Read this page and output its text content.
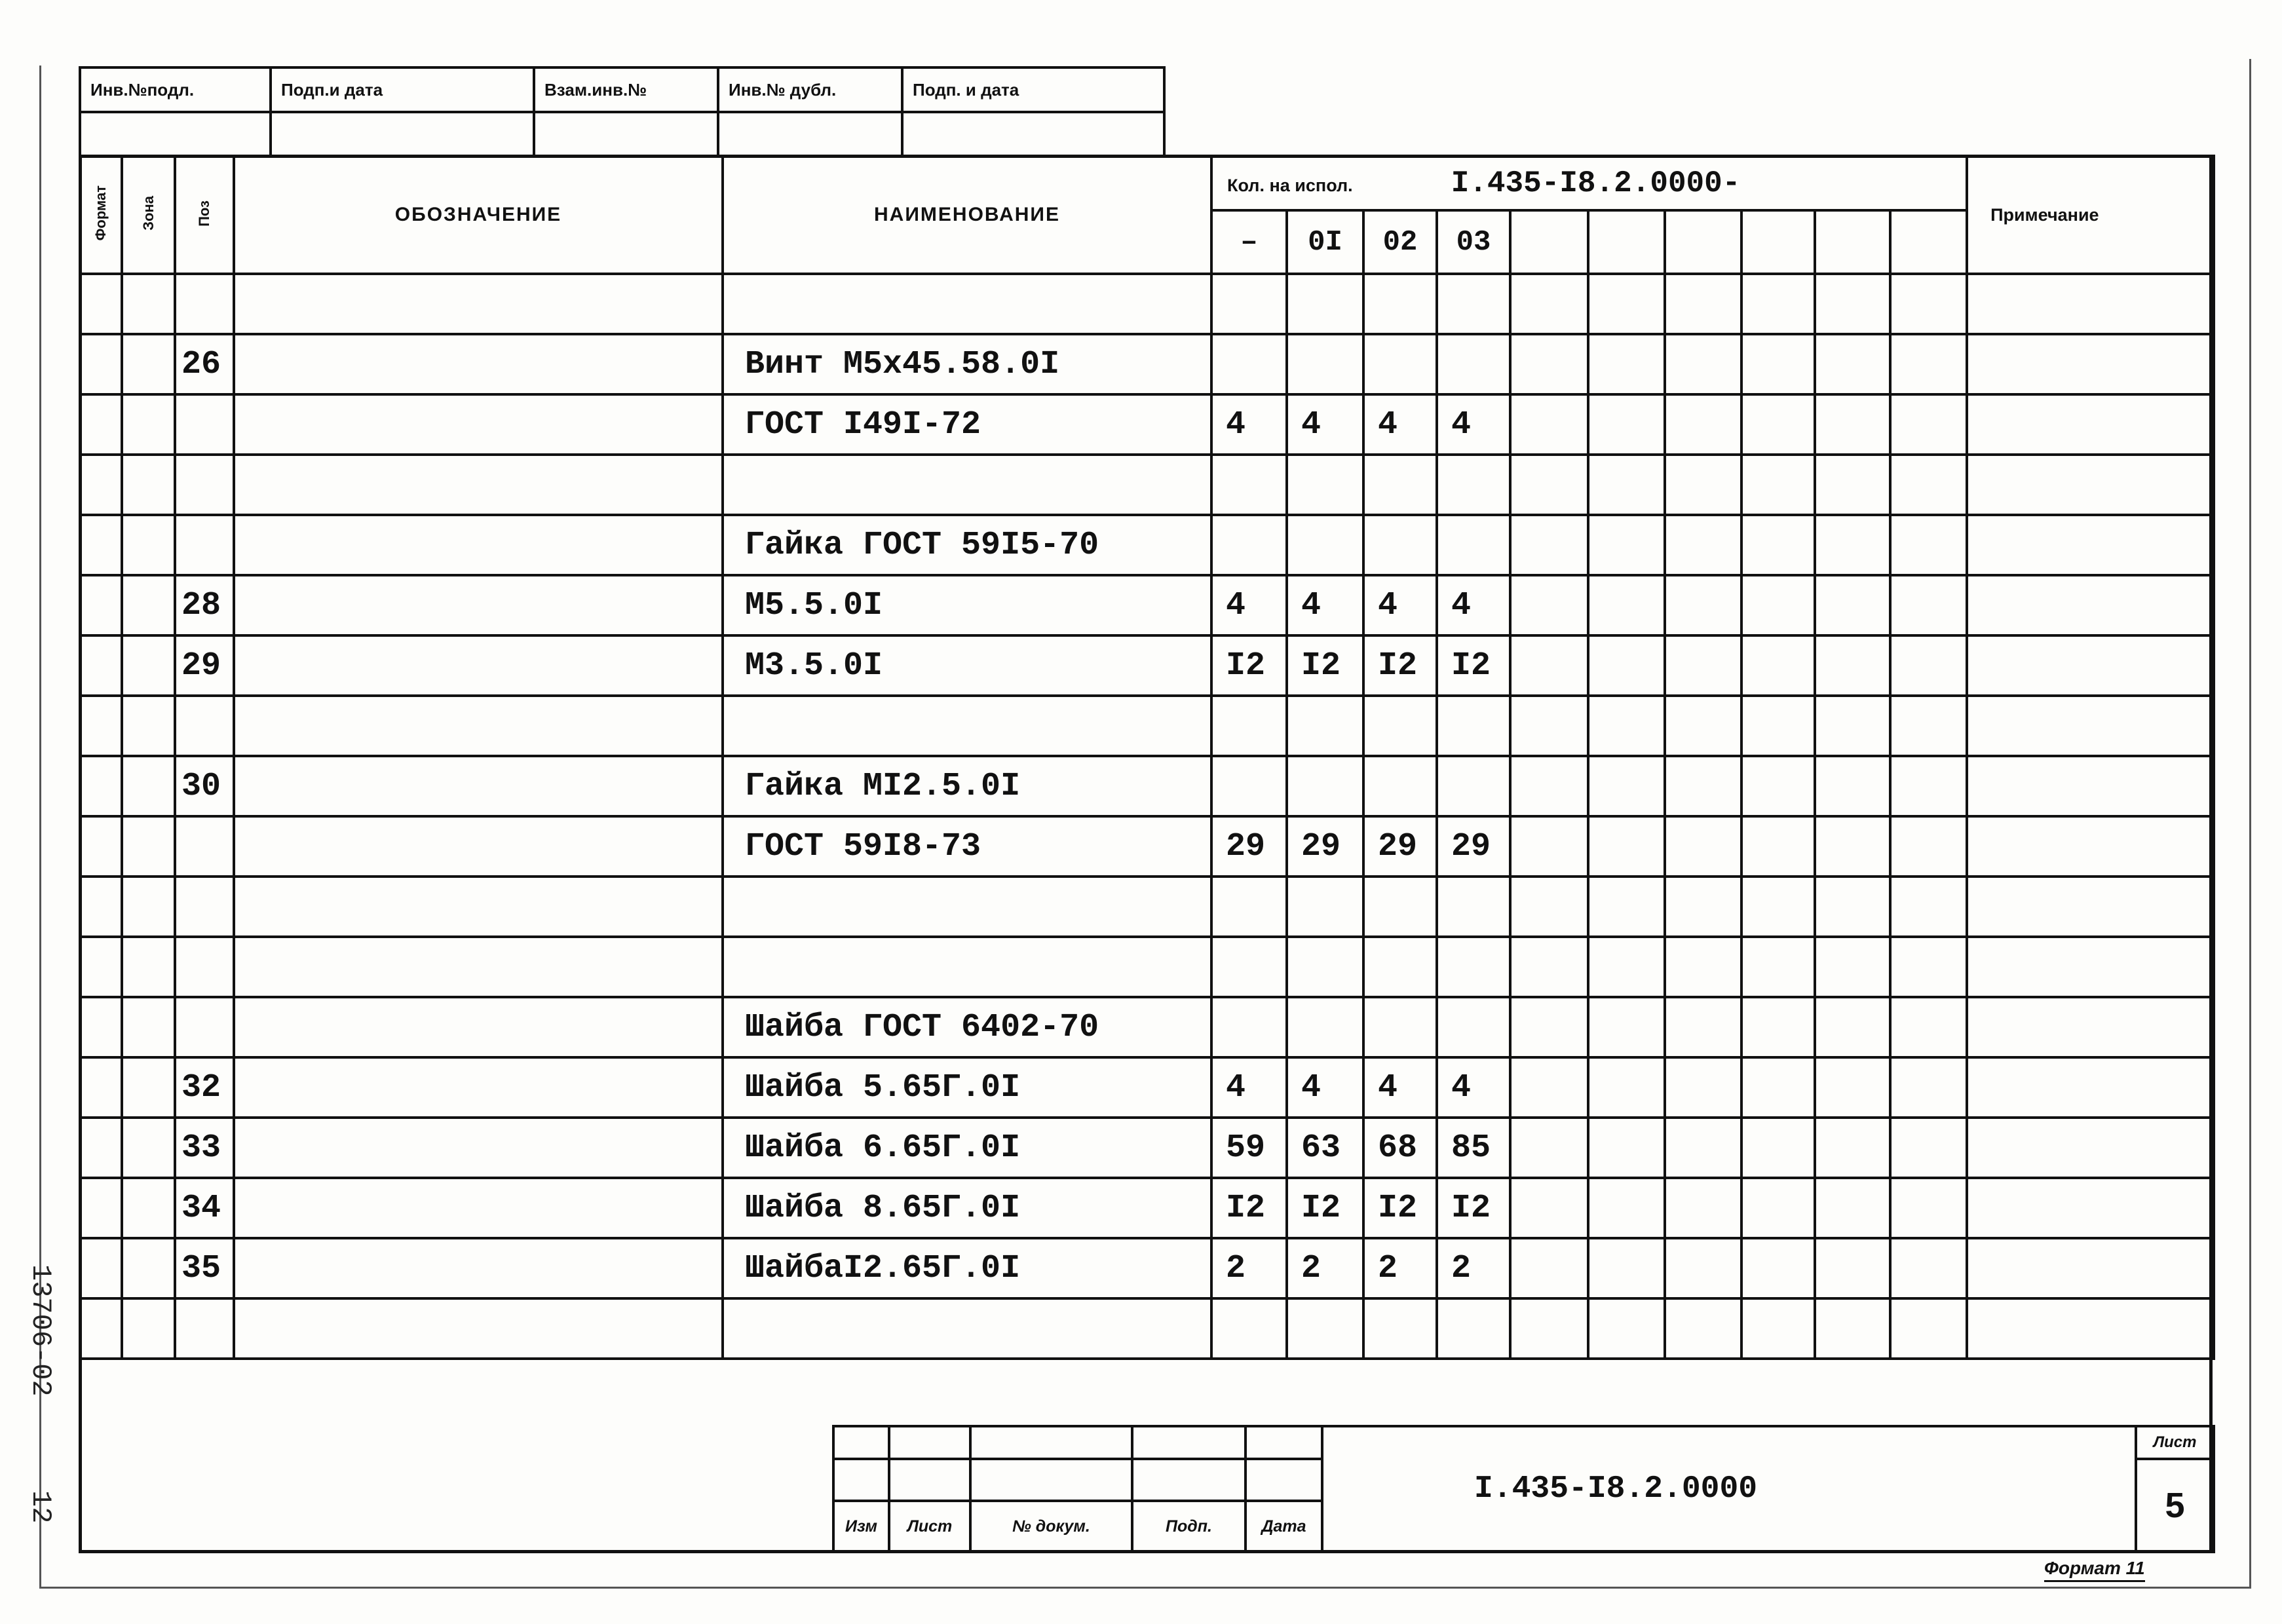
Инв.№подл.	Подп.и дата	Взам.инв.№	Инв.№ дубл.	Подп. и дата

Формат	Зона	Поз	ОБОЗНАЧЕНИЕ	НАИМЕНОВАНИЕ	Кол. на испол. I.435-I8.2.0000-										Примечание
					–	0I	02	03							

		26		Винт М5х45.58.0I											
				ГОСТ I49I-72	4	4	4	4							

				Гайка ГОСТ 59I5-70											
		28		М5.5.0I	4	4	4	4							
		29		М3.5.0I	I2	I2	I2	I2							

		30		Гайка МI2.5.0I											
				ГОСТ 59I8-73	29	29	29	29							

				Шайба ГОСТ 6402-70											
		32		Шайба 5.65Г.0I	4	4	4	4							
		33		Шайба 6.65Г.0I	59	63	68	85							
		34		Шайба 8.65Г.0I	I2	I2	I2	I2							
		35		ШайбаI2.65Г.0I	2	2	2	2							

					I.435-I8.2.0000	Лист
						5
Изм	Лист	№ докум.	Подп.	Дата		
Формат 11
13706-02
12
